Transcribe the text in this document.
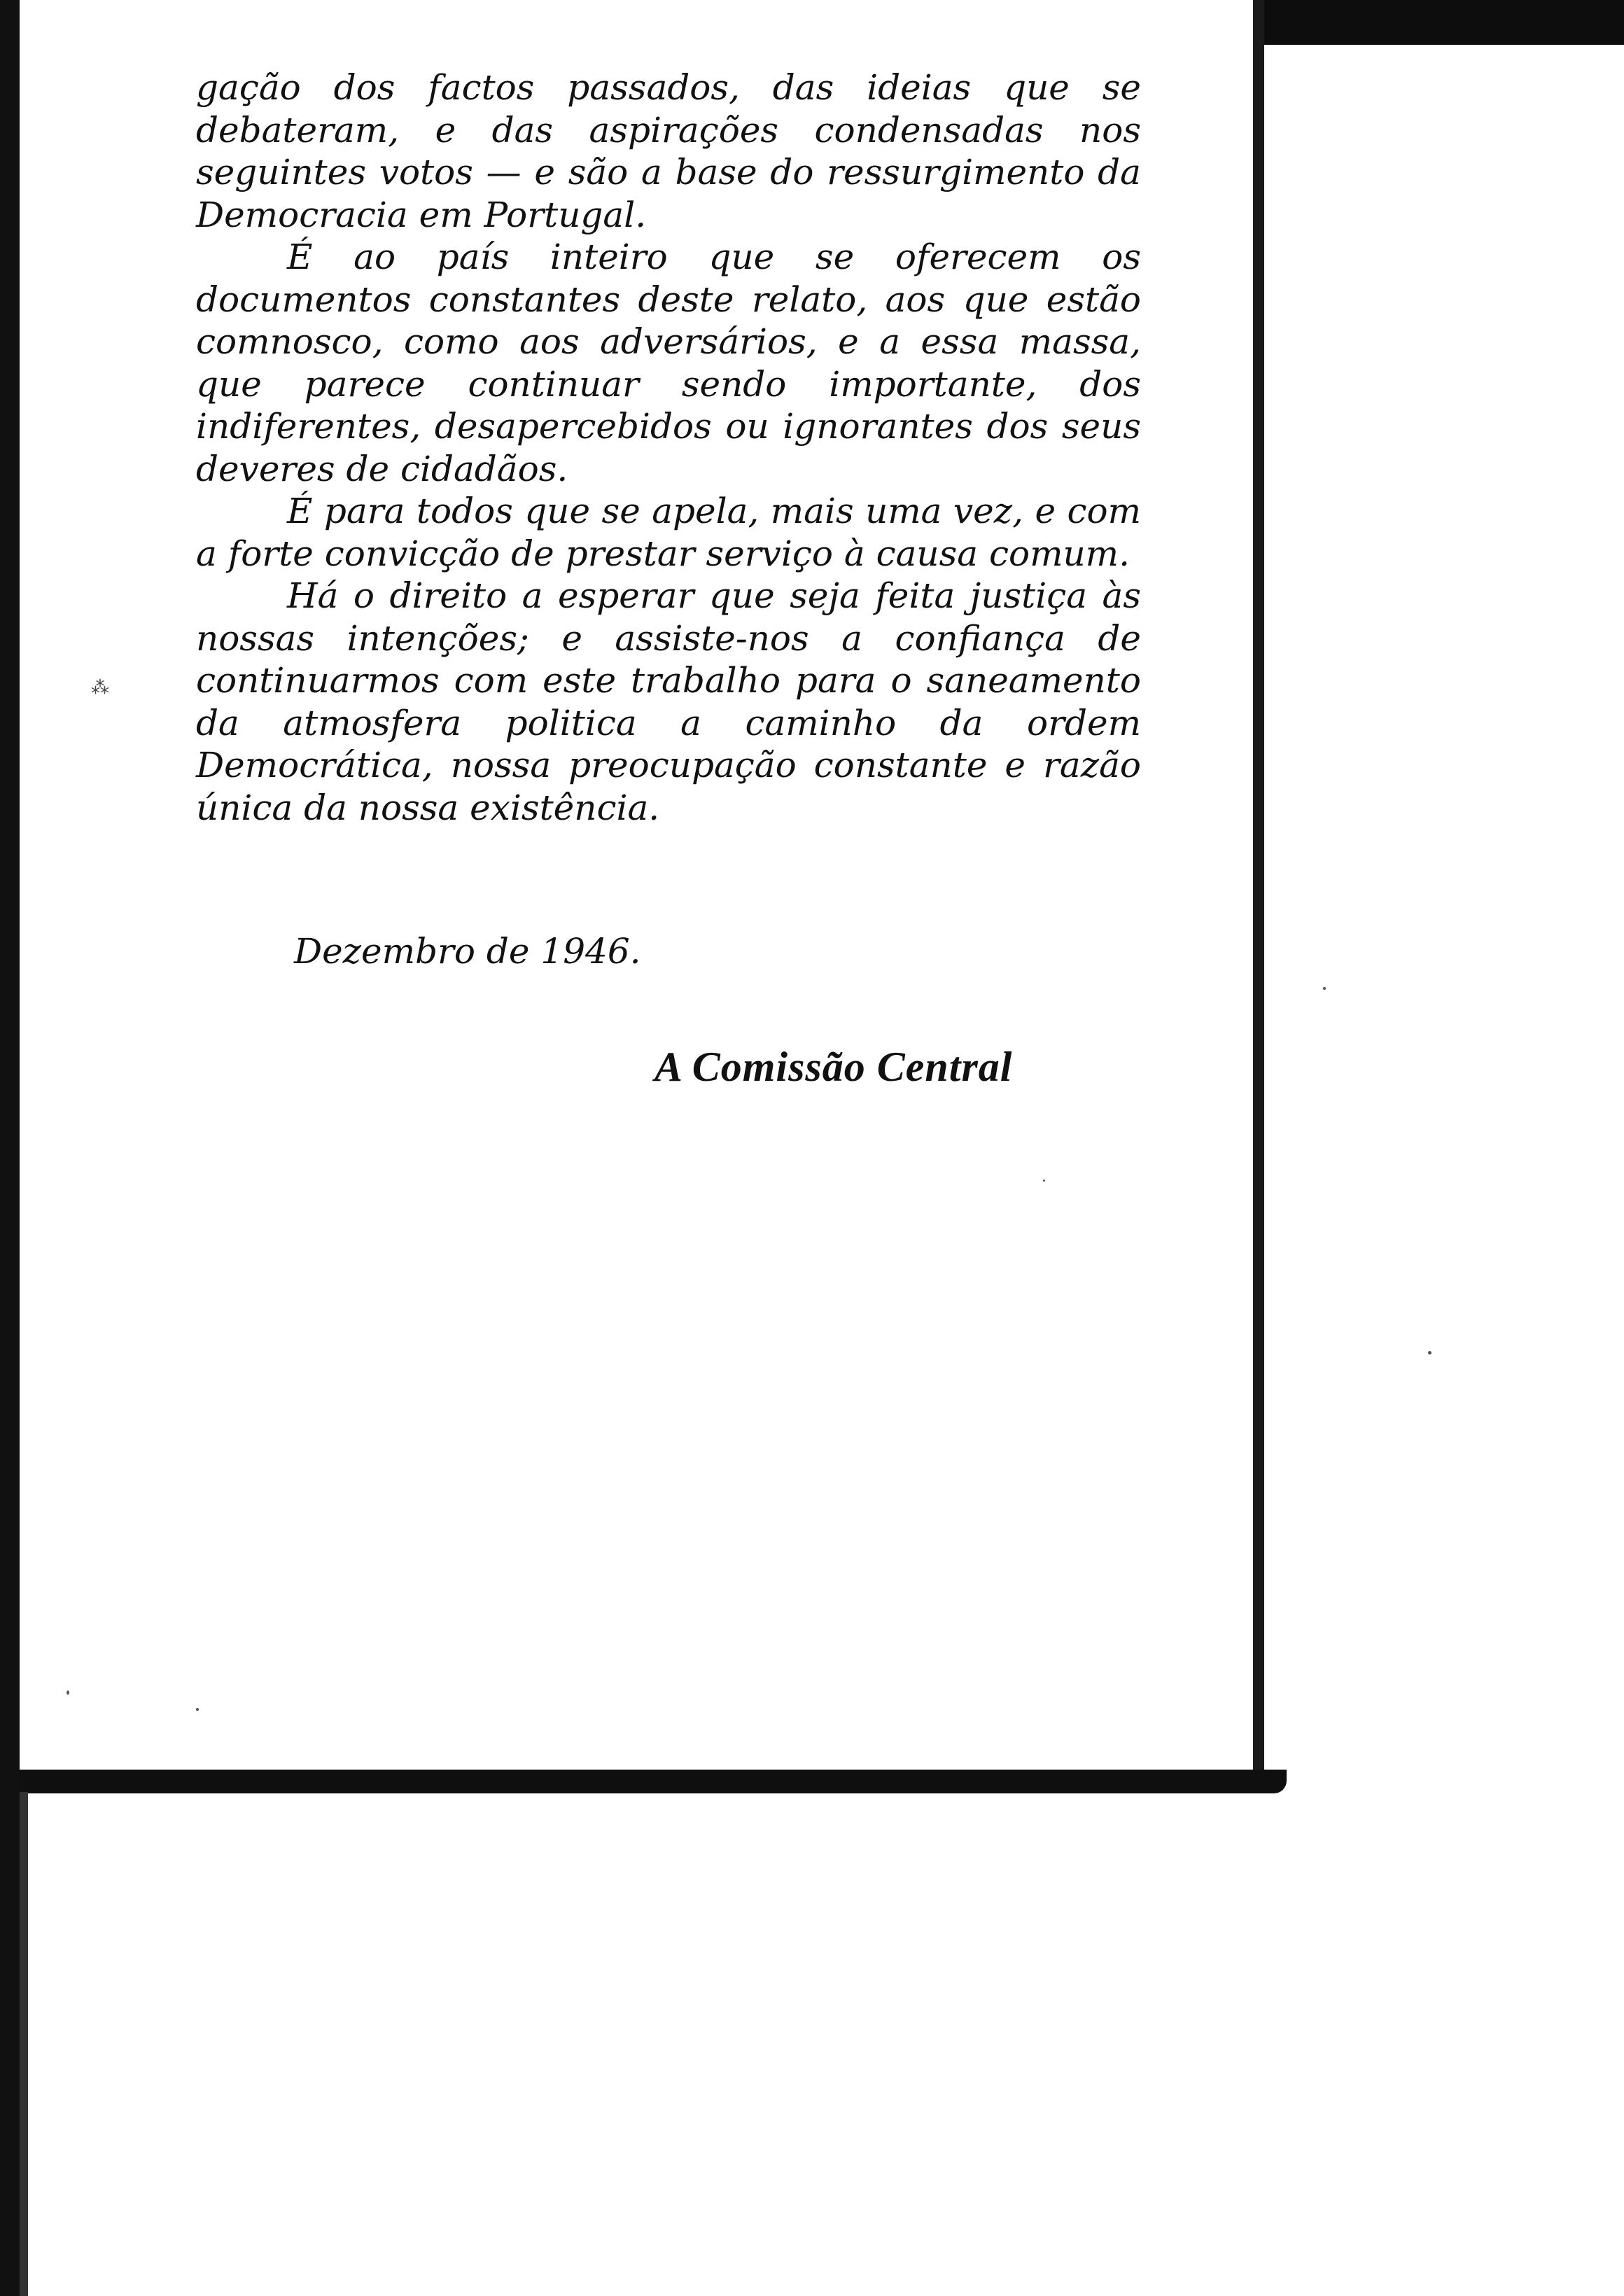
⁂

gação dos factos passados, das ideias que se debateram, e das aspirações condensadas nos seguintes votos — e são a base do ressurgimento da Democracia em Portugal.

É ao país inteiro que se oferecem os documentos constantes deste relato, aos que estão comnosco, como aos adversários, e a essa massa, que parece continuar sendo importante, dos indiferentes, desapercebidos ou ignorantes dos seus deveres de cidadãos.

É para todos que se apela, mais uma vez, e com a forte convicção de prestar serviço à causa comum.

Há o direito a esperar que seja feita justiça às nossas intenções; e assiste-nos a confiança de continuarmos com este trabalho para o saneamento da atmosfera politica a caminho da ordem Democrática, nossa preocupação constante e razão única da nossa existência.

Dezembro de 1946.

A Comissão Central
